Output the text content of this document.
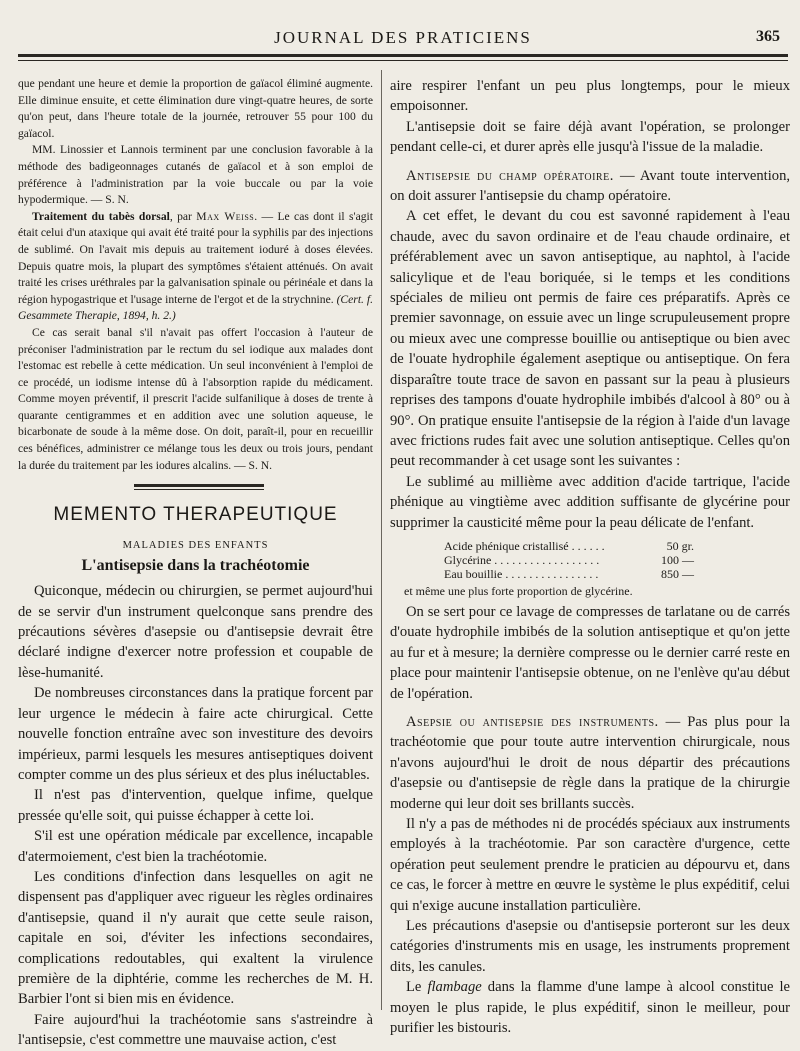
JOURNAL DES PRATICIENS	365

que pendant une heure et demie la proportion de gaïacol éliminé augmente. Elle diminue ensuite, et cette élimination dure vingt-quatre heures, de sorte qu'on peut, dans l'heure totale de la journée, retrouver 55 pour 100 du gaïacol.

MM. Linossier et Lannois terminent par une conclusion favorable à la méthode des badigeonnages cutanés de gaïacol et à son emploi de préférence à l'administration par la voie buccale ou par la voie hypodermique. — S. N.

Traitement du tabès dorsal, par Max Weiss. — Le cas dont il s'agit était celui d'un ataxique qui avait été traité pour la syphilis par des injections de sublimé. On l'avait mis depuis au traitement ioduré à doses élevées. Depuis quatre mois, la plupart des symptômes s'étaient atténués. On avait traité les crises uréthrales par la galvanisation spinale ou périnéale et dans la région hypogastrique et l'usage interne de l'ergot et de la strychnine. (Cert. f. Gesammete Therapie, 1894, h. 2.)

Ce cas serait banal s'il n'avait pas offert l'occasion à l'auteur de préconiser l'administration par le rectum du sel iodique aux malades dont l'estomac est rebelle à cette médication. Un seul inconvénient à l'emploi de ce procédé, un iodisme intense dû à l'absorption rapide du médicament. Comme moyen préventif, il prescrit l'acide sulfanilique à doses de trente à quarante centigrammes et en addition avec une solution aqueuse, le bicarbonate de soude à la même dose. On doit, paraît-il, pour en recueillir ces bénéfices, administrer ce mélange tous les deux ou trois jours, pendant la durée du traitement par les iodures alcalins. — S. N.

MEMENTO THERAPEUTIQUE
MALADIES DES ENFANTS
L'antisepsie dans la trachéotomie

Quiconque, médecin ou chirurgien, se permet aujourd'hui de se servir d'un instrument quelconque sans prendre des précautions sévères d'asepsie ou d'antisepsie devrait être déclaré indigne d'exercer notre profession et coupable de lèse-humanité.

De nombreuses circonstances dans la pratique forcent par leur urgence le médecin à faire acte chirurgical. Cette nouvelle fonction entraîne avec son investiture des devoirs impérieux, parmi lesquels les mesures antiseptiques doivent compter comme un des plus sérieux et des plus inéluctables.

Il n'est pas d'intervention, quelque infime, quelque pressée qu'elle soit, qui puisse échapper à cette loi.

S'il est une opération médicale par excellence, incapable d'atermoiement, c'est bien la trachéotomie.

Les conditions d'infection dans lesquelles on agit ne dispensent pas d'appliquer avec rigueur les règles ordinaires d'antisepsie, quand il n'y aurait que cette seule raison, capitale en soi, d'éviter les infections secondaires, complications redoutables, qui exaltent la virulence première de la diphtérie, comme les recherches de M. H. Barbier l'ont si bien mis en évidence.

Faire aujourd'hui la trachéotomie sans s'astreindre à l'antisepsie, c'est commettre une mauvaise action, c'est

aire respirer l'enfant un peu plus longtemps, pour le mieux empoisonner.

L'antisepsie doit se faire déjà avant l'opération, se prolonger pendant celle-ci, et durer après elle jusqu'à l'issue de la maladie.

Antisepsie du champ opératoire. — Avant toute intervention, on doit assurer l'antisepsie du champ opératoire.

A cet effet, le devant du cou est savonné rapidement à l'eau chaude, avec du savon ordinaire et de l'eau chaude ordinaire, et préférablement avec un savon antiseptique, au naphtol, à l'acide salicylique et de l'eau boriquée, si le temps et les conditions spéciales de milieu ont permis de faire ces préparatifs. Après ce premier savonnage, on essuie avec un linge scrupuleusement propre ou mieux avec une compresse bouillie ou antiseptique ou bien avec de l'ouate hydrophile également aseptique ou antiseptique. On fera disparaître toute trace de savon en passant sur la peau à plusieurs reprises des tampons d'ouate hydrophile imbibés d'alcool à 80° ou à 90°. On pratique ensuite l'antisepsie de la région à l'aide d'un lavage avec frictions rudes fait avec une solution antiseptique. Celles qu'on peut recommander à cet usage sont les suivantes :

Le sublimé au millième avec addition d'acide tartrique, l'acide phénique au vingtième avec addition suffisante de glycérine pour supprimer la causticité même pour la peau délicate de l'enfant.

Acide phénique cristallisé . . . . . .	50 gr.
Glycérine . . . . . . . . . . . . . . . . . .	100 —
Eau bouillie . . . . . . . . . . . . . . . .	850 —
et même une plus forte proportion de glycérine.

On se sert pour ce lavage de compresses de tarlatane ou de carrés d'ouate hydrophile imbibés de la solution antiseptique et qu'on jette au fur et à mesure; la dernière compresse ou le dernier carré reste en place pour maintenir l'antisepsie obtenue, on ne l'enlève qu'au début de l'opération.

Asepsie ou antisepsie des instruments. — Pas plus pour la trachéotomie que pour toute autre intervention chirurgicale, nous n'avons aujourd'hui le droit de nous départir des précautions d'asepsie ou d'antisepsie de règle dans la pratique de la chirurgie moderne qui leur doit ses brillants succès.

Il n'y a pas de méthodes ni de procédés spéciaux aux instruments employés à la trachéotomie. Par son caractère d'urgence, cette opération peut seulement prendre le praticien au dépourvu et, dans ce cas, le forcer à mettre en œuvre le système le plus expéditif, celui qui n'exige aucune installation particulière.

Les précautions d'asepsie ou d'antisepsie porteront sur les deux catégories d'instruments mis en usage, les instruments proprement dits, les canules.

Le flambage dans la flamme d'une lampe à alcool constitue le moyen le plus rapide, le plus expéditif, sinon le meilleur, pour purifier les bistouris.
